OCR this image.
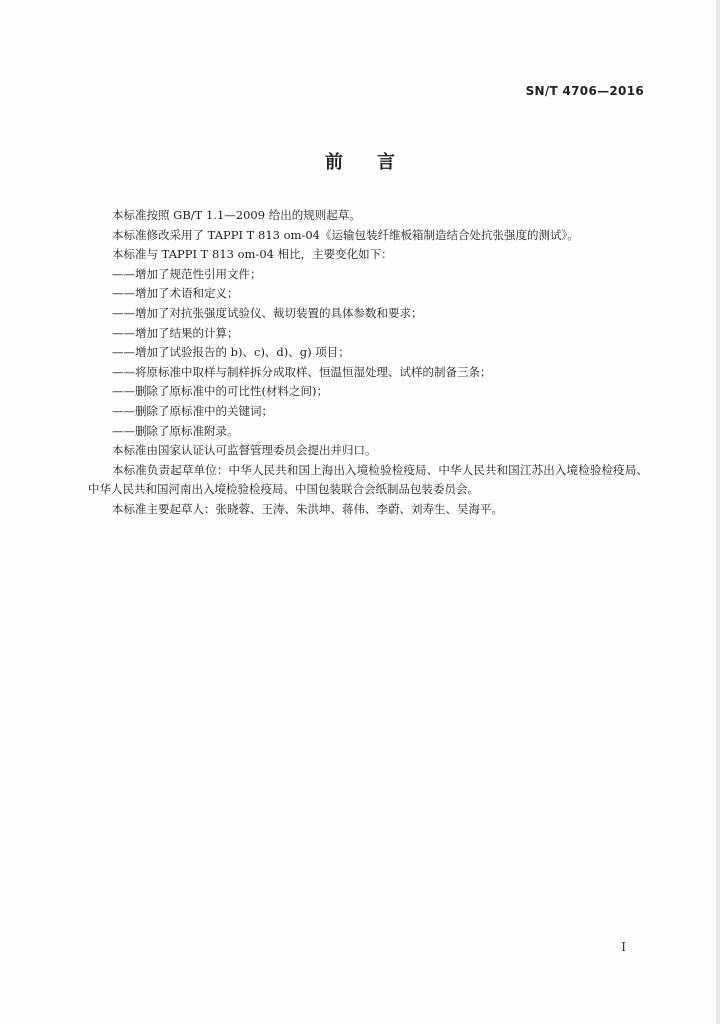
SN/T 4706—2016
前言

本标准按照 GB/T 1.1—2009 给出的规则起草。

本标准修改采用了 TAPPI T 813 om-04《运输包装纤维板箱制造结合处抗张强度的测试》。

本标准与 TAPPI T 813 om-04 相比，主要变化如下：

——增加了规范性引用文件；

——增加了术语和定义；

——增加了对抗张强度试验仪、裁切装置的具体参数和要求；

——增加了结果的计算；

——增加了试验报告的 b)、c)、d)、g) 项目；

——将原标准中取样与制样拆分成取样、恒温恒湿处理、试样的制备三条；

——删除了原标准中的可比性(材料之间)；

——删除了原标准中的关键词；

——删除了原标准附录。

本标准由国家认证认可监督管理委员会提出并归口。

本标准负责起草单位：中华人民共和国上海出入境检验检疫局、中华人民共和国江苏出入境检验检疫局、中华人民共和国河南出入境检验检疫局、中国包装联合会纸制品包装委员会。

本标准主要起草人：张晓蓉、王涛、朱洪坤、蒋伟、李蔚、刘寿生、吴海平。

I
